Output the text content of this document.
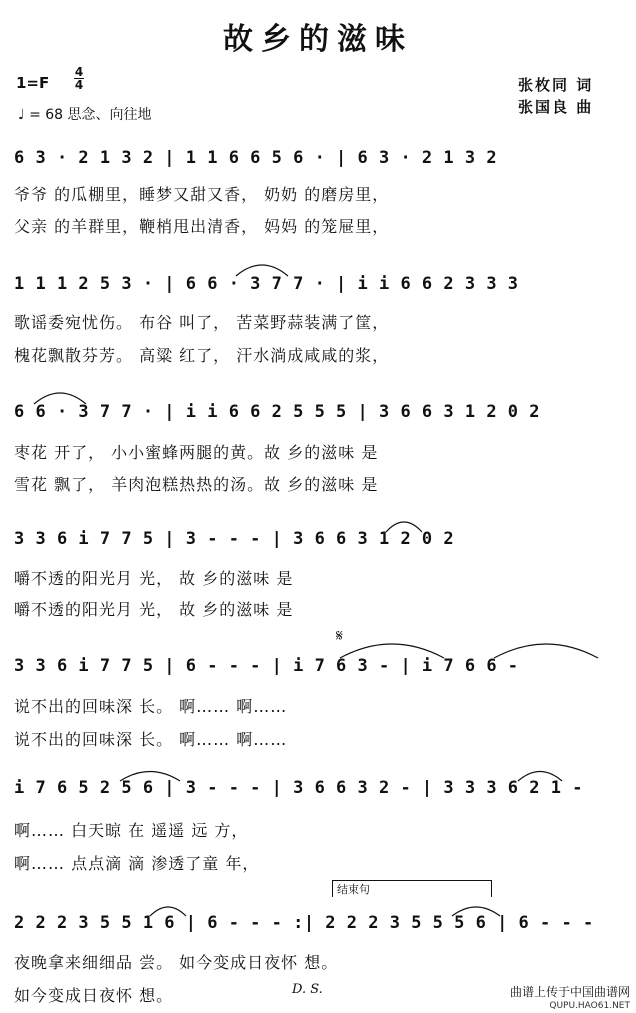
故乡的滋味
1=F
4
4
♩ = 68 思念、向往地
张枚同 词
张国良 曲
6 3 · 2 1 3 2 | 1 1 6 6 5 6 · | 6 3 · 2 1 3 2
爷爷 的瓜棚里，睡梦又甜又香， 奶奶 的磨房里，
父亲 的羊群里，鞭梢甩出清香， 妈妈 的笼屉里，
1 1 1 2 5 3 · | 6 6 · 3 7 7 · | i i 6 6 2 3 3 3
歌谣委宛忧伤。 布谷 叫了， 苦菜野蒜装满了筐，
槐花飘散芬芳。 高粱 红了， 汗水淌成咸咸的浆，
6 6 · 3 7 7 · | i i 6 6 2 5 5 5 | 3 6 6 3 1 2 0 2
枣花 开了， 小小蜜蜂两腿的黄。故 乡的滋味 是
雪花 飘了， 羊肉泡糕热热的汤。故 乡的滋味 是
3 3 6 i 7 7 5 | 3 - - - | 3 6 6 3 1 2 0 2
嚼不透的阳光月 光， 故 乡的滋味 是
嚼不透的阳光月 光， 故 乡的滋味 是
𝄋
3 3 6 i 7 7 5 | 6 - - - | i 7 6 3 - | i 7 6 6 -
说不出的回味深 长。 啊…… 啊……
说不出的回味深 长。 啊…… 啊……
i 7 6 5 2 5 6 | 3 - - - | 3 6 6 3 2 - | 3 3 3 6 2 1 -
啊…… 白天晾 在 遥遥 远 方，
啊…… 点点滴 滴 渗透了童 年，
结束句
2 2 2 3 5 5 1 6 | 6 - - - :| 2 2 2 3 5 5 5 6 | 6 - - -
夜晚拿来细细品 尝。 如今变成日夜怀 想。
如今变成日夜怀 想。	D. S.	曲谱上传于中国曲谱网
QUPU.HAO61.NET
